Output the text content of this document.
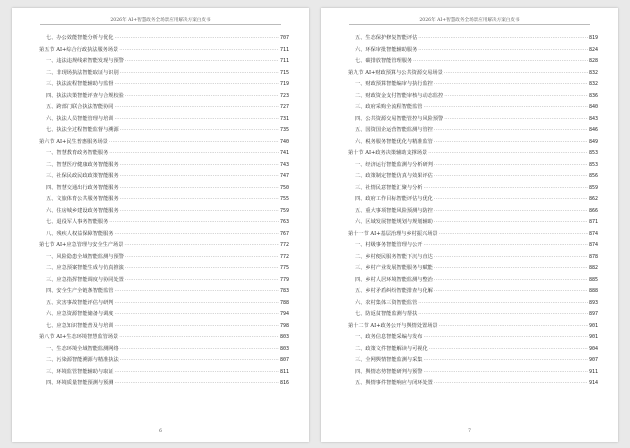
2026年 AI+智慧政务全场景应用解决方案白皮书
七、办公效能智能分析与优化 ·····	707
第五节 AI+综合行政执法服务场景 ·····	711
一、违法违规线索智能发现与预警 ·····	711
二、非现场执法智能取证与识别 ·····	715
三、执法流程智能辅助与监督 ·····	719
四、执法决策智能评查与合规校验 ·····	723
五、跨部门联合执法智能协同 ·····	727
六、执法人员智能管理与培训 ·····	731
七、执法全过程智能监督与溯源 ·····	735
第六节 AI+民生普惠服务场景 ·····	740
一、智慧教育政务智能服务 ·····	741
二、智慧医疗健康政务智能服务 ·····	743
三、社保民政民政政策智能服务 ·····	747
四、智慧交通出行政务智能服务 ·····	750
五、文旅体育公共服务智能服务 ·····	755
六、住房城乡建设政务智能服务 ·····	759
七、退役军人事务智能服务 ·····	763
八、残疾人权益保障智能服务 ·····	767
第七节 AI+应急管理与安全生产场景 ·····	772
一、风险隐患全域智能监测与预警 ·····	772
二、应急预案智能生成与仿真推演 ·····	775
三、应急指挥智能调度与协同处置 ·····	779
四、安全生产全链条智能监管 ·····	783
五、灾害事故智能评估与研判 ·····	788
六、应急资源智能储备与调度 ·····	794
七、应急知识智能普及与培训 ·····	798
第八节 AI+生态环境智慧监管场景 ·····	803
一、生态环境全域智能监测网络 ·····	803
二、污染源智能溯源与精准执法 ·····	807
三、环境监管智能辅助与取证 ·····	811
四、环境质量智能预测与预测 ·····	816
6
2026年 AI+智慧政务全场景应用解决方案白皮书
五、生态保护修复智能评估 ·····	819
六、环保审批智能辅助服务 ·····	824
七、碳排放智能管理服务 ·····	828
第九节 AI+财政预算与公共资源交易场景 ·····	832
一、财政预算智能编审与执行监控 ·····	832
二、财政资金支付智能审核与动态监控 ·····	836
三、政府采购全流程智能监管 ·····	840
四、公共资源交易智能管控与风险预警 ·····	843
五、国资国企运营智能监测与管控 ·····	846
六、税务服务智能优化与精准监管 ·····	849
第十节 AI+政务决策辅助支撑场景 ·····	853
一、经济运行智能监测与分析研判 ·····	853
二、政策制定智能仿真与效果评估 ·····	856
三、社情民意智能汇聚与分析 ·····	859
四、政府工作目标智能评估与优化 ·····	862
五、重大事项智能风险预测与防控 ·····	866
六、区域发展智能规划与规划辅助 ·····	871
第十一节 AI+基层治理与乡村振兴场景 ·····	874
一、村级事务智能管理与公开 ·····	874
二、乡村便民服务智能下沉与直达 ·····	878
三、乡村产业发展智能服务与赋能 ·····	882
四、乡村人居环境智能监测与整治 ·····	885
五、乡村矛盾纠纷智能排查与化解 ·····	888
六、农村集体三资智能监管 ·····	893
七、防返贫智能监测与帮扶 ·····	897
第十二节 AI+政务公开与舆情处置场景 ·····	901
一、政务信息智能采编与发布 ·····	901
二、政策文件智能解读与可视化 ·····	904
三、全网舆情智能监测与采集 ·····	907
四、舆情态势智能研判与预警 ·····	911
五、舆情事件智能响应与闭环处置 ·····	914
7
